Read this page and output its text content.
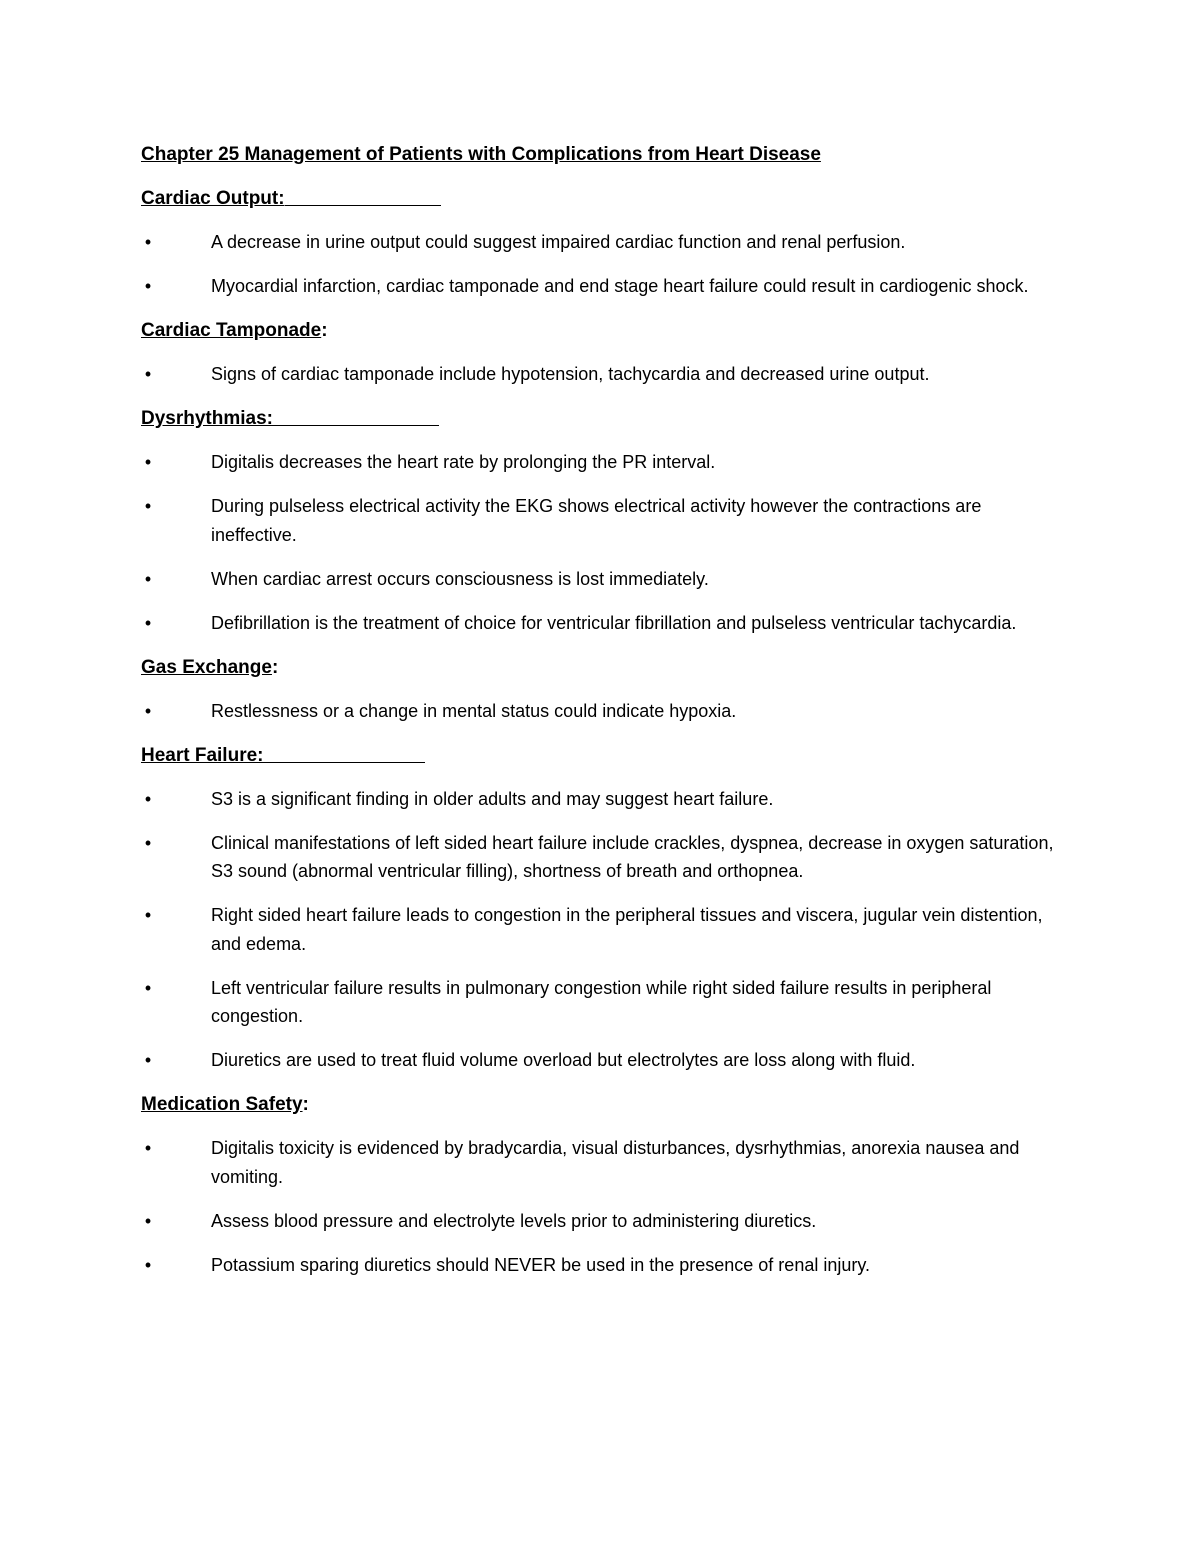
Chapter 25 Management of Patients with Complications from Heart Disease
Cardiac Output:
•	A decrease in urine output could suggest impaired cardiac function and renal perfusion.
•	Myocardial infarction, cardiac tamponade and end stage heart failure could result in cardiogenic shock.
Cardiac Tamponade:
•	Signs of cardiac tamponade include hypotension, tachycardia and decreased urine output.
Dysrhythmias:
•	Digitalis decreases the heart rate by prolonging the PR interval.
•	During pulseless electrical activity the EKG shows electrical activity however the contractions are ineffective.
•	When cardiac arrest occurs consciousness is lost immediately.
•	Defibrillation is the treatment of choice for ventricular fibrillation and pulseless ventricular tachycardia.
Gas Exchange:
•	Restlessness or a change in mental status could indicate hypoxia.
Heart Failure:
•	S3 is a significant finding in older adults and may suggest heart failure.
•	Clinical manifestations of left sided heart failure include crackles, dyspnea, decrease in oxygen saturation, S3 sound (abnormal ventricular filling), shortness of breath and orthopnea.
•	Right sided heart failure leads to congestion in the peripheral tissues and viscera, jugular vein distention, and edema.
•	Left ventricular failure results in pulmonary congestion while right sided failure results in peripheral congestion.
•	Diuretics are used to treat fluid volume overload but electrolytes are loss along with fluid.
Medication Safety:
•	Digitalis toxicity is evidenced by bradycardia, visual disturbances, dysrhythmias, anorexia nausea and vomiting.
•	Assess blood pressure and electrolyte levels prior to administering diuretics.
•	Potassium sparing diuretics should NEVER be used in the presence of renal injury.
